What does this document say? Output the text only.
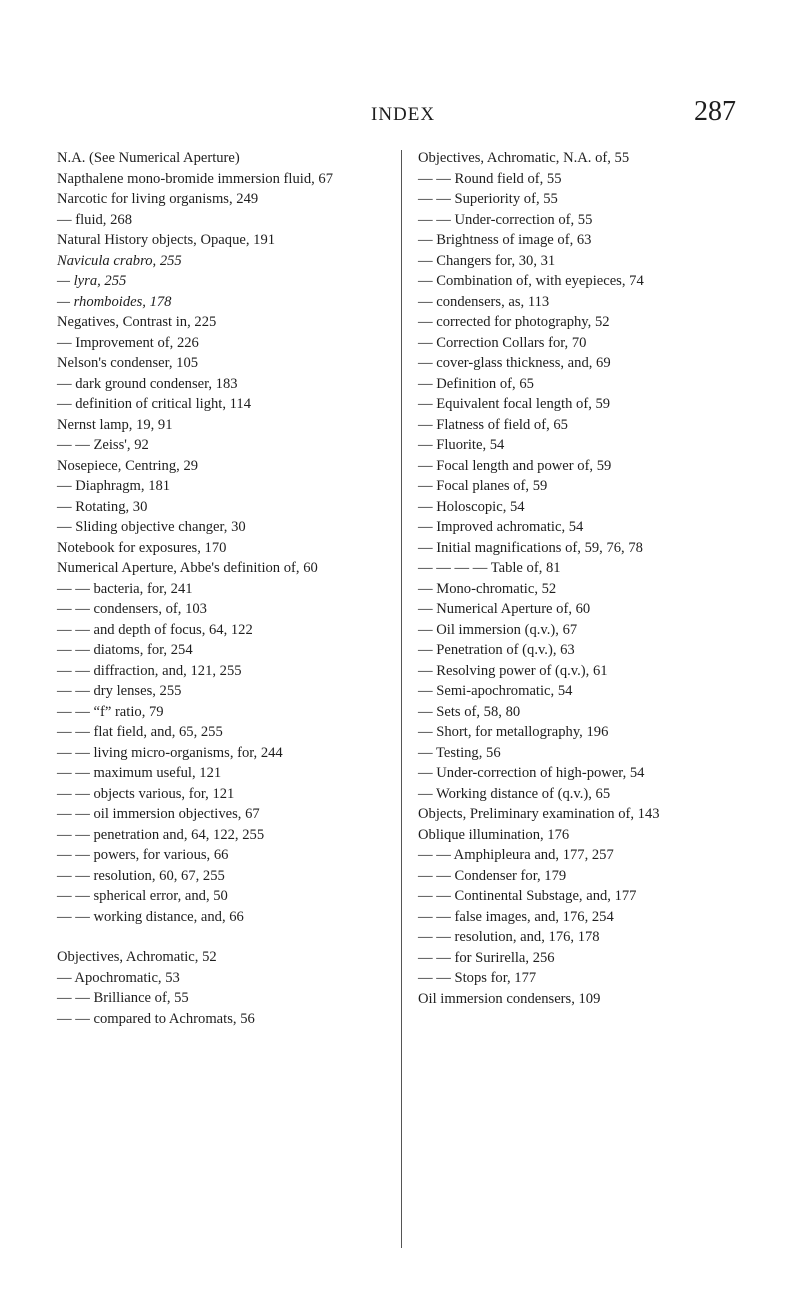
INDEX	287

N.A. (See Numerical Aperture)

Napthalene mono-bromide immersion fluid, 67

Narcotic for living organisms, 249

— fluid, 268

Natural History objects, Opaque, 191

Navicula crabro, 255

— lyra, 255

— rhomboides, 178

Negatives, Contrast in, 225

— Improvement of, 226

Nelson's condenser, 105

— dark ground condenser, 183

— definition of critical light, 114

Nernst lamp, 19, 91

— — Zeiss', 92

Nosepiece, Centring, 29

— Diaphragm, 181

— Rotating, 30

— Sliding objective changer, 30

Notebook for exposures, 170

Numerical Aperture, Abbe's definition of, 60

— — bacteria, for, 241

— — condensers, of, 103

— — and depth of focus, 64, 122

— — diatoms, for, 254

— — diffraction, and, 121, 255

— — dry lenses, 255

— — “f” ratio, 79

— — flat field, and, 65, 255

— — living micro-organisms, for, 244

— — maximum useful, 121

— — objects various, for, 121

— — oil immersion objectives, 67

— — penetration and, 64, 122, 255

— — powers, for various, 66

— — resolution, 60, 67, 255

— — spherical error, and, 50

— — working distance, and, 66

Objectives, Achromatic, 52

— Apochromatic, 53

— — Brilliance of, 55

— — compared to Achromats, 56

Objectives, Achromatic, N.A. of, 55

— — Round field of, 55

— — Superiority of, 55

— — Under-correction of, 55

— Brightness of image of, 63

— Changers for, 30, 31

— Combination of, with eyepieces, 74

— condensers, as, 113

— corrected for photography, 52

— Correction Collars for, 70

— cover-glass thickness, and, 69

— Definition of, 65

— Equivalent focal length of, 59

— Flatness of field of, 65

— Fluorite, 54

— Focal length and power of, 59

— Focal planes of, 59

— Holoscopic, 54

— Improved achromatic, 54

— Initial magnifications of, 59, 76, 78

— — — — Table of, 81

— Mono-chromatic, 52

— Numerical Aperture of, 60

— Oil immersion (q.v.), 67

— Penetration of (q.v.), 63

— Resolving power of (q.v.), 61

— Semi-apochromatic, 54

— Sets of, 58, 80

— Short, for metallography, 196

— Testing, 56

— Under-correction of high-power, 54

— Working distance of (q.v.), 65

Objects, Preliminary examination of, 143

Oblique illumination, 176

— — Amphipleura and, 177, 257

— — Condenser for, 179

— — Continental Substage, and, 177

— — false images, and, 176, 254

— — resolution, and, 176, 178

— — for Surirella, 256

— — Stops for, 177

Oil immersion condensers, 109
